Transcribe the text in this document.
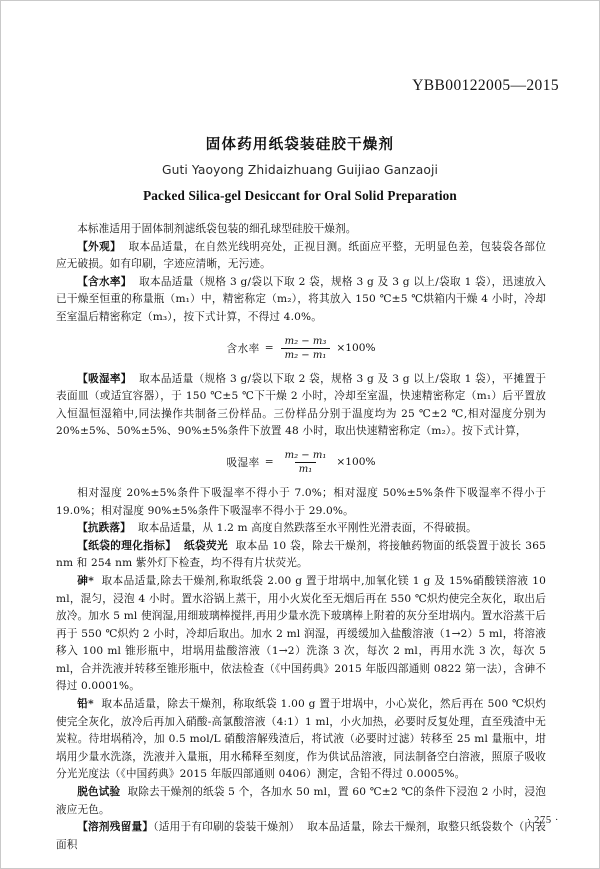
YBB00122005—2015
固体药用纸袋装硅胶干燥剂
Guti Yaoyong Zhidaizhuang Guijiao Ganzaoji
Packed Silica-gel Desiccant for Oral Solid Preparation

本标准适用于固体制剂滤纸袋包装的细孔球型硅胶干燥剂。

【外观】 取本品适量，在自然光线明亮处，正视目测。纸面应平整，无明显色差，包装袋各部位应无破损。如有印刷，字迹应清晰，无污迹。

【含水率】 取本品适量（规格 3 g/袋以下取 2 袋，规格 3 g 及 3 g 以上/袋取 1 袋），迅速放入已干燥至恒重的称量瓶（m₁）中，精密称定（m₂），将其放入 150 ℃±5 ℃烘箱内干燥 4 小时，冷却至室温后精密称定（m₃），按下式计算，不得过 4.0%。

含水率 = $\frac{\text{m₂ − m₃}}{\text{m₂ − m₁}} \times 100\%$

【吸湿率】 取本品适量（规格 3 g/袋以下取 2 袋，规格 3 g 及 3 g 以上/袋取 1 袋），平摊置于表面皿（或适宜容器），于 150 ℃±5 ℃下干燥 2 小时，冷却至室温，快速精密称定（m₁）后平置放入恒温恒湿箱中,同法操作共制备三份样品。三份样品分别于温度均为 25 ℃±2 ℃,相对湿度分别为 20%±5%、50%±5%、90%±5%条件下放置 48 小时，取出快速精密称定（m₂）。按下式计算，

吸湿率 = $\frac{\text{m₂ − m₁}}{\text{m₁}} \times 100\%$

相对湿度 20%±5%条件下吸湿率不得小于 7.0%；相对湿度 50%±5%条件下吸湿率不得小于 19.0%；相对湿度 90%±5%条件下吸湿率不得小于 29.0%。

【抗跌落】 取本品适量，从 1.2 m 高度自然跌落至水平刚性光滑表面，不得破损。

【纸袋的理化指标】 纸袋荧光 取本品 10 袋，除去干燥剂，将接触药物面的纸袋置于波长 365 nm 和 254 nm 紫外灯下检查，均不得有片状荧光。

砷* 取本品适量,除去干燥剂,称取纸袋 2.00 g 置于坩埚中,加氧化镁 1 g 及 15%硝酸镁溶液 10 ml，混匀，浸泡 4 小时。置水浴锅上蒸干，用小火炭化至无烟后再在 550 ℃炽灼使完全灰化，取出后放冷。加水 5 ml 使润湿,用细玻璃棒搅拌,再用少量水洗下玻璃棒上附着的灰分至坩埚内。置水浴蒸干后再于 550 ℃炽灼 2 小时，冷却后取出。加水 2 ml 润湿，再缓缓加入盐酸溶液（1→2）5 ml，将溶液移入 100 ml 锥形瓶中，坩埚用盐酸溶液（1→2）洗涤 3 次，每次 2 ml，再用水洗 3 次，每次 5 ml，合并洗液并转移至锥形瓶中，依法检查（《中国药典》2015 年版四部通则 0822 第一法），含砷不得过 0.0001%。

铅* 取本品适量，除去干燥剂，称取纸袋 1.00 g 置于坩埚中，小心炭化，然后再在 500 ℃炽灼使完全灰化，放冷后再加入硝酸-高氯酸溶液（4:1）1 ml，小火加热，必要时反复处理，直至残渣中无炭粒。待坩埚稍冷，加 0.5 mol/L 硝酸溶解残渣后，将试液（必要时过滤）转移至 25 ml 量瓶中，坩埚用少量水洗涤，洗液并入量瓶，用水稀释至刻度，作为供试品溶液，同法制备空白溶液，照原子吸收分光光度法（《中国药典》2015 年版四部通则 0406）测定，含铅不得过 0.0005%。

脱色试验 取除去干燥剂的纸袋 5 个，各加水 50 ml，置 60 ℃±2 ℃的条件下浸泡 2 小时，浸泡液应无色。

【溶剂残留量】（适用于有印刷的袋装干燥剂） 取本品适量，除去干燥剂，取整只纸袋数个（内表面积

· 275 ·
